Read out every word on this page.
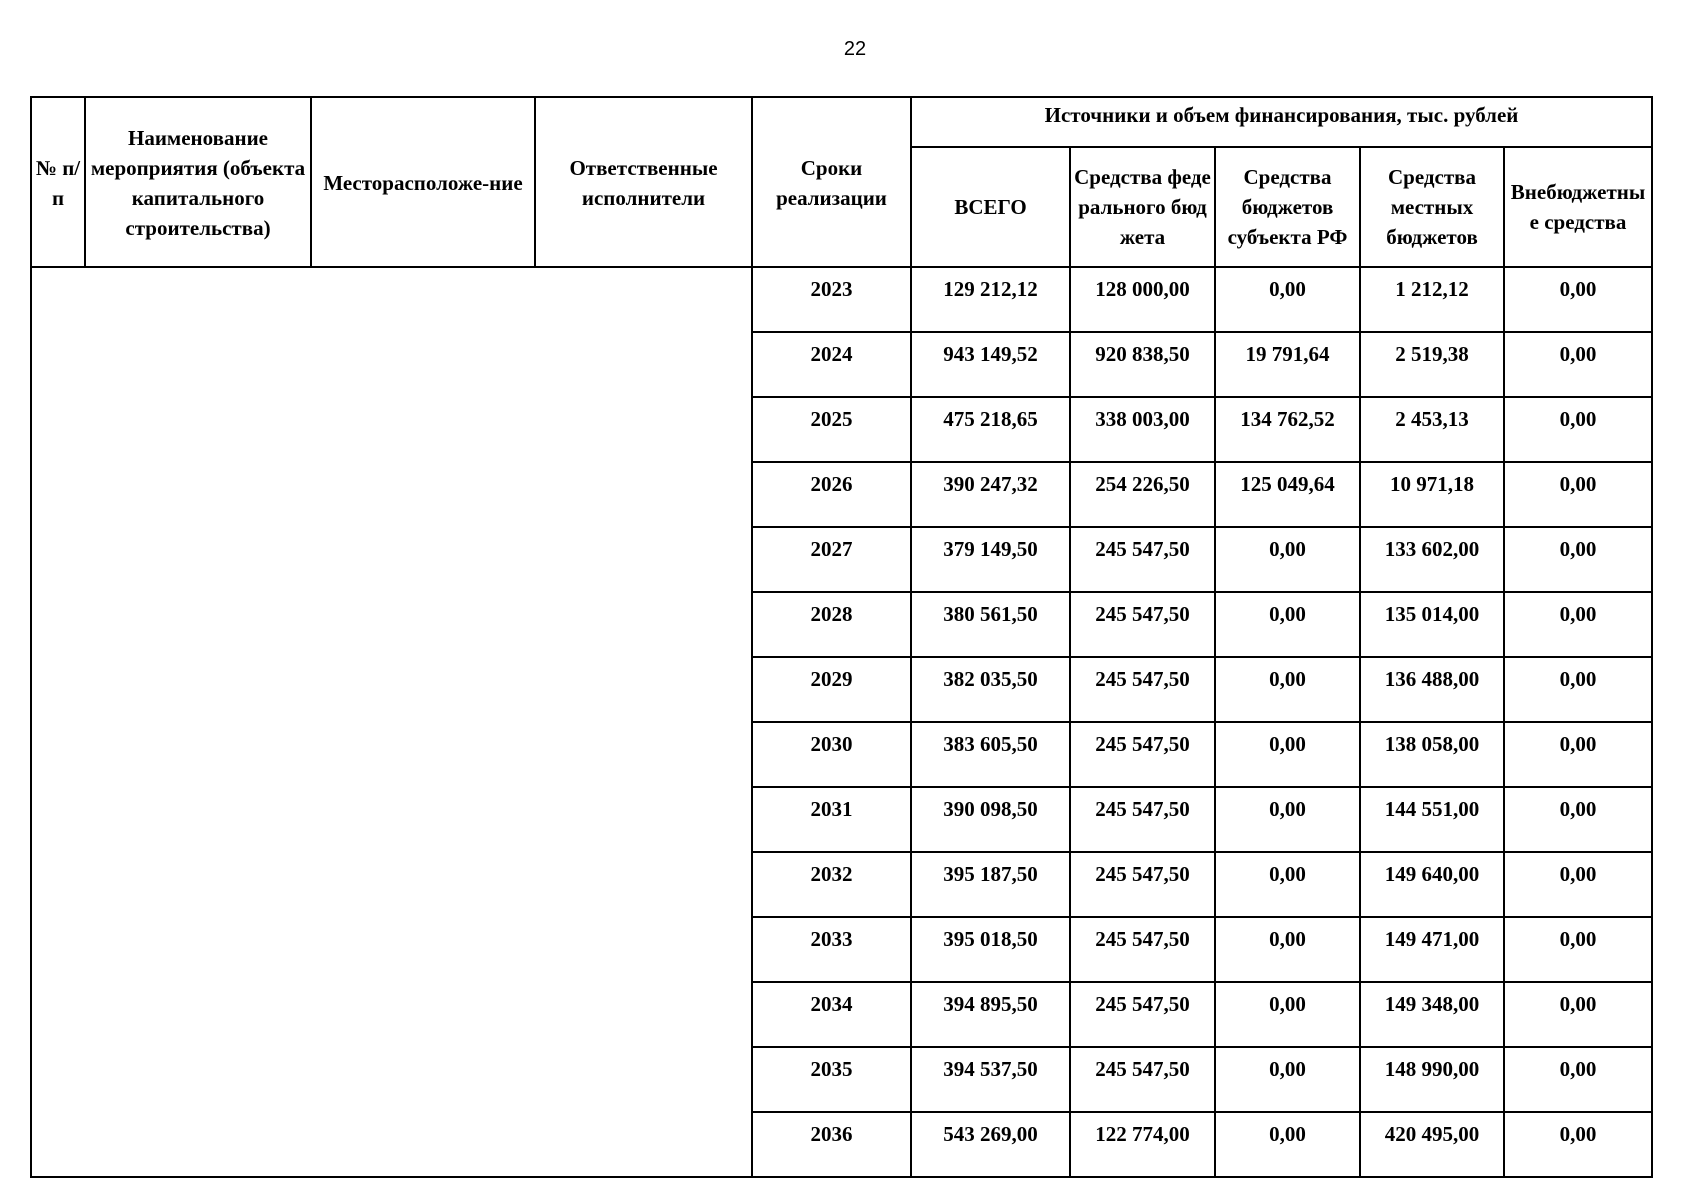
22
№ п/п	Наименование мероприятия (объекта капитального строительства)	Месторасположе-ние	Ответственные исполнители	Сроки реализации	Источники и объем финансирования, тыс. рублей				
					ВСЕГО	Средства федерального бюджета	Средства бюджетов субъекта РФ	Средства местных бюджетов	Внебюджетные средства
				2023	129 212,12	128 000,00	0,00	1 212,12	0,00
				2024	943 149,52	920 838,50	19 791,64	2 519,38	0,00
				2025	475 218,65	338 003,00	134 762,52	2 453,13	0,00
				2026	390 247,32	254 226,50	125 049,64	10 971,18	0,00
				2027	379 149,50	245 547,50	0,00	133 602,00	0,00
				2028	380 561,50	245 547,50	0,00	135 014,00	0,00
				2029	382 035,50	245 547,50	0,00	136 488,00	0,00
				2030	383 605,50	245 547,50	0,00	138 058,00	0,00
				2031	390 098,50	245 547,50	0,00	144 551,00	0,00
				2032	395 187,50	245 547,50	0,00	149 640,00	0,00
				2033	395 018,50	245 547,50	0,00	149 471,00	0,00
				2034	394 895,50	245 547,50	0,00	149 348,00	0,00
				2035	394 537,50	245 547,50	0,00	148 990,00	0,00
				2036	543 269,00	122 774,00	0,00	420 495,00	0,00
